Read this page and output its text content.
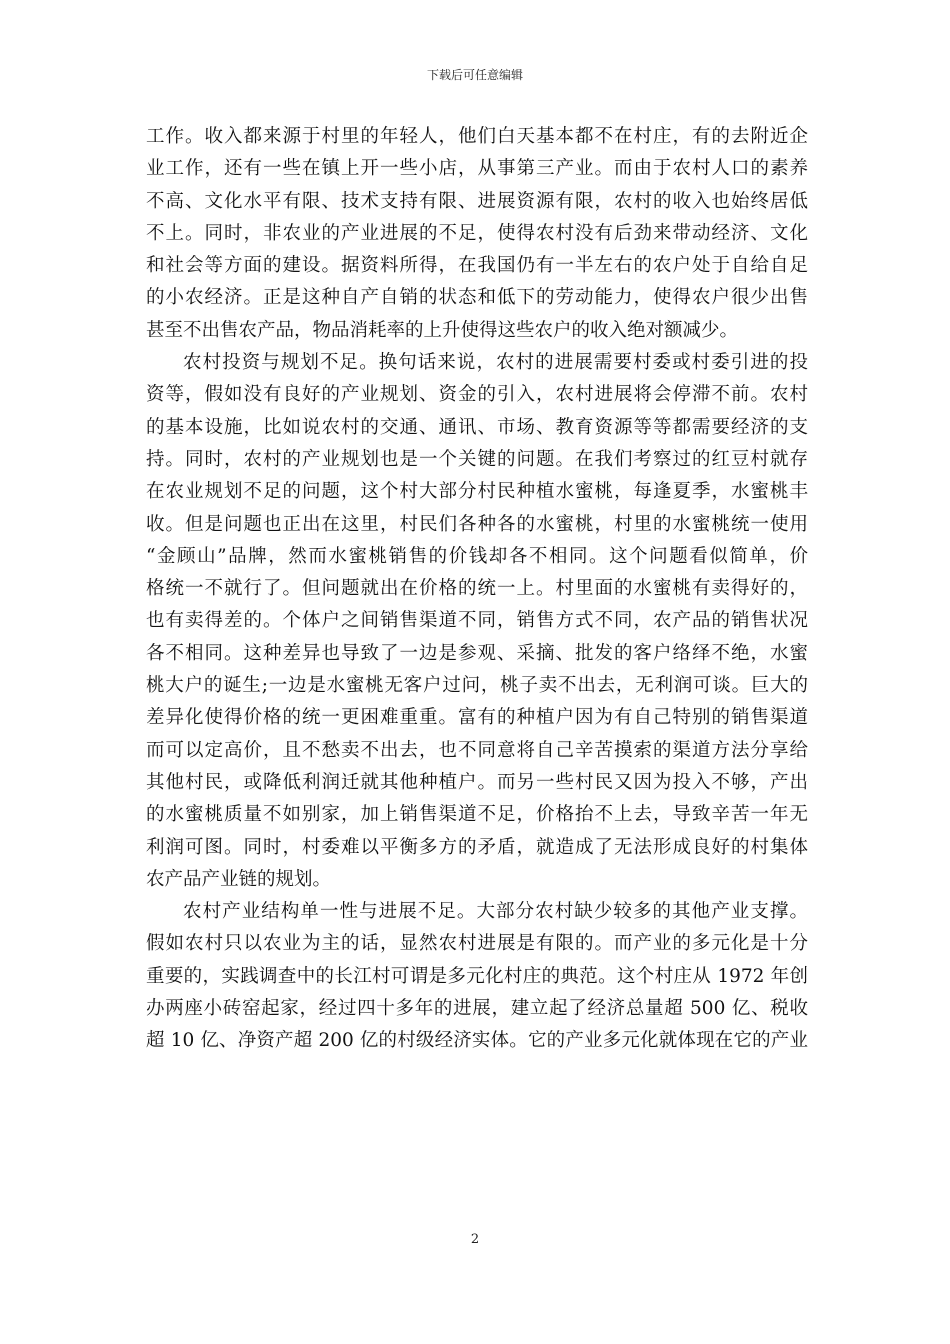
下载后可任意编辑

工作。收入都来源于村里的年轻人，他们白天基本都不在村庄，有的去附近企
业工作，还有一些在镇上开一些小店，从事第三产业。而由于农村人口的素养
不高、文化水平有限、技术支持有限、进展资源有限，农村的收入也始终居低
不上。同时，非农业的产业进展的不足，使得农村没有后劲来带动经济、文化
和社会等方面的建设。据资料所得，在我国仍有一半左右的农户处于自给自足
的小农经济。正是这种自产自销的状态和低下的劳动能力，使得农户很少出售
甚至不出售农产品，物品消耗率的上升使得这些农户的收入绝对额减少。

农村投资与规划不足。换句话来说，农村的进展需要村委或村委引进的投
资等，假如没有良好的产业规划、资金的引入，农村进展将会停滞不前。农村
的基本设施，比如说农村的交通、通讯、市场、教育资源等等都需要经济的支
持。同时，农村的产业规划也是一个关键的问题。在我们考察过的红豆村就存
在农业规划不足的问题，这个村大部分村民种植水蜜桃，每逢夏季，水蜜桃丰
收。但是问题也正出在这里，村民们各种各的水蜜桃，村里的水蜜桃统一使用
“金顾山”品牌，然而水蜜桃销售的价钱却各不相同。这个问题看似简单，价
格统一不就行了。但问题就出在价格的统一上。村里面的水蜜桃有卖得好的，
也有卖得差的。个体户之间销售渠道不同，销售方式不同，农产品的销售状况
各不相同。这种差异也导致了一边是参观、采摘、批发的客户络绎不绝，水蜜
桃大户的诞生;一边是水蜜桃无客户过问，桃子卖不出去，无利润可谈。巨大的
差异化使得价格的统一更困难重重。富有的种植户因为有自己特别的销售渠道
而可以定高价，且不愁卖不出去，也不同意将自己辛苦摸索的渠道方法分享给
其他村民，或降低利润迁就其他种植户。而另一些村民又因为投入不够，产出
的水蜜桃质量不如别家，加上销售渠道不足，价格抬不上去，导致辛苦一年无
利润可图。同时，村委难以平衡多方的矛盾，就造成了无法形成良好的村集体
农产品产业链的规划。

农村产业结构单一性与进展不足。大部分农村缺少较多的其他产业支撑。
假如农村只以农业为主的话，显然农村进展是有限的。而产业的多元化是十分
重要的，实践调查中的长江村可谓是多元化村庄的典范。这个村庄从 1972 年创
办两座小砖窑起家，经过四十多年的进展，建立起了经济总量超 500 亿、税收
超 10 亿、净资产超 200 亿的村级经济实体。它的产业多元化就体现在它的产业

2
